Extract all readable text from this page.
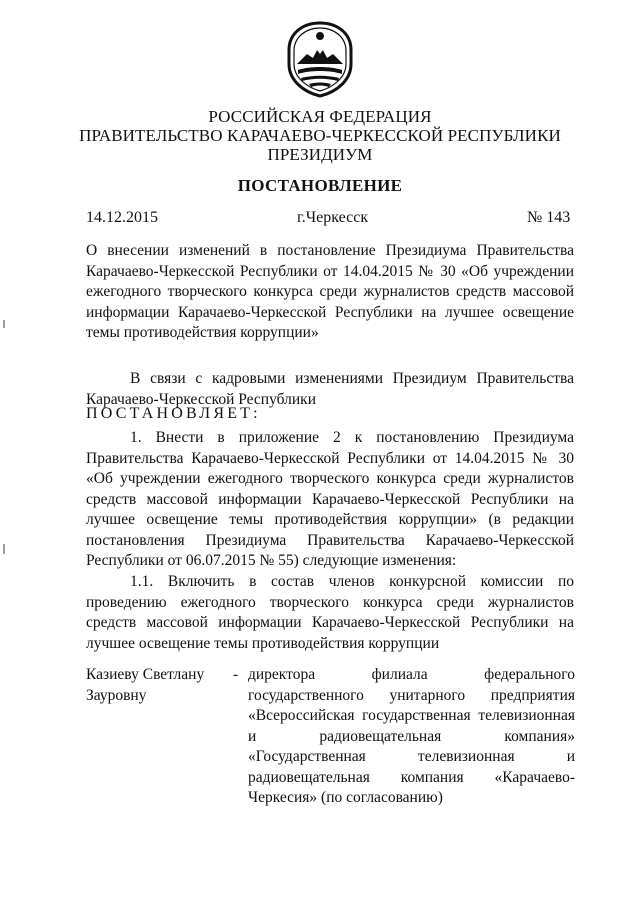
РОССИЙСКАЯ ФЕДЕРАЦИЯ
ПРАВИТЕЛЬСТВО КАРАЧАЕВО-ЧЕРКЕССКОЙ РЕСПУБЛИКИ
ПРЕЗИДИУМ
ПОСТАНОВЛЕНИЕ
14.12.2015	г.Черкесск	№ 143
О внесении изменений в постановление Президиума Правительства Карачаево-Черкесской Республики от 14.04.2015 № 30 «Об учреждении ежегодного творческого конкурса среди журналистов средств массовой информации Карачаево-Черкесской Республики на лучшее освещение темы противодействия коррупции»
В связи с кадровыми изменениями Президиум Правительства Карачаево-Черкесской Республики
ПОСТАНОВЛЯЕТ:
1. Внести в приложение 2 к постановлению Президиума Правительства Карачаево-Черкесской Республики от 14.04.2015 № 30 «Об учреждении ежегодного творческого конкурса среди журналистов средств массовой информации Карачаево-Черкесской Республики на лучшее освещение темы противодействия коррупции» (в редакции постановления Президиума Правительства Карачаево-Черкесской Республики от 06.07.2015 № 55) следующие изменения:
1.1. Включить в состав членов конкурсной комиссии по проведению ежегодного творческого конкурса среди журналистов средств массовой информации Карачаево-Черкесской Республики на лучшее освещение темы противодействия коррупции
Казиеву Светлану Зауровну
- директора филиала федерального государственного унитарного предприятия «Всероссийская государственная телевизионная и радиовещательная компания» «Государственная телевизионная и радиовещательная компания «Карачаево-Черкесия» (по согласованию)
